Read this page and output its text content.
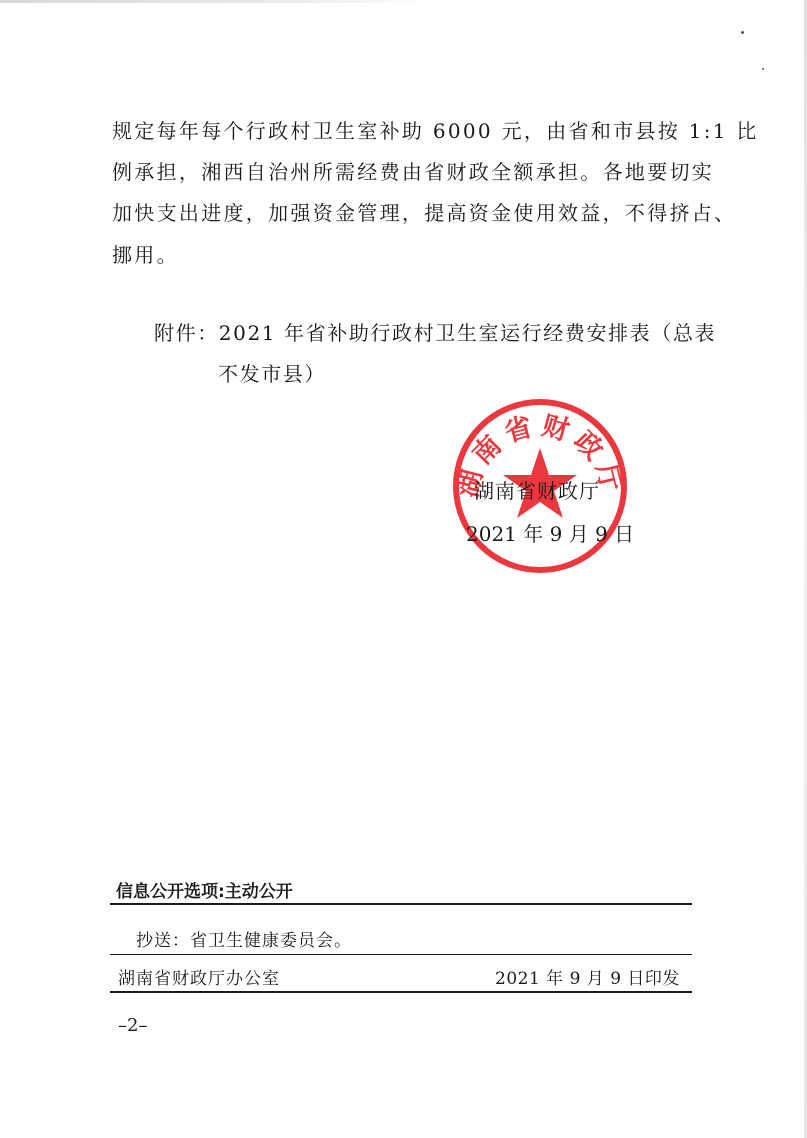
规定每年每个行政村卫生室补助 6000 元，由省和市县按 1:1 比
例承担，湘西自治州所需经费由省财政全额承担。各地要切实
加快支出进度，加强资金管理，提高资金使用效益，不得挤占、
挪用。
附件：2021 年省补助行政村卫生室运行经费安排表（总表
不发市县）
湖南省财政厅
湖南省财政厅
2021 年 9 月 9 日
信息公开选项:主动公开
抄送：省卫生健康委员会。
湖南省财政厅办公室	2021 年 9 月 9 日印发
–2–
